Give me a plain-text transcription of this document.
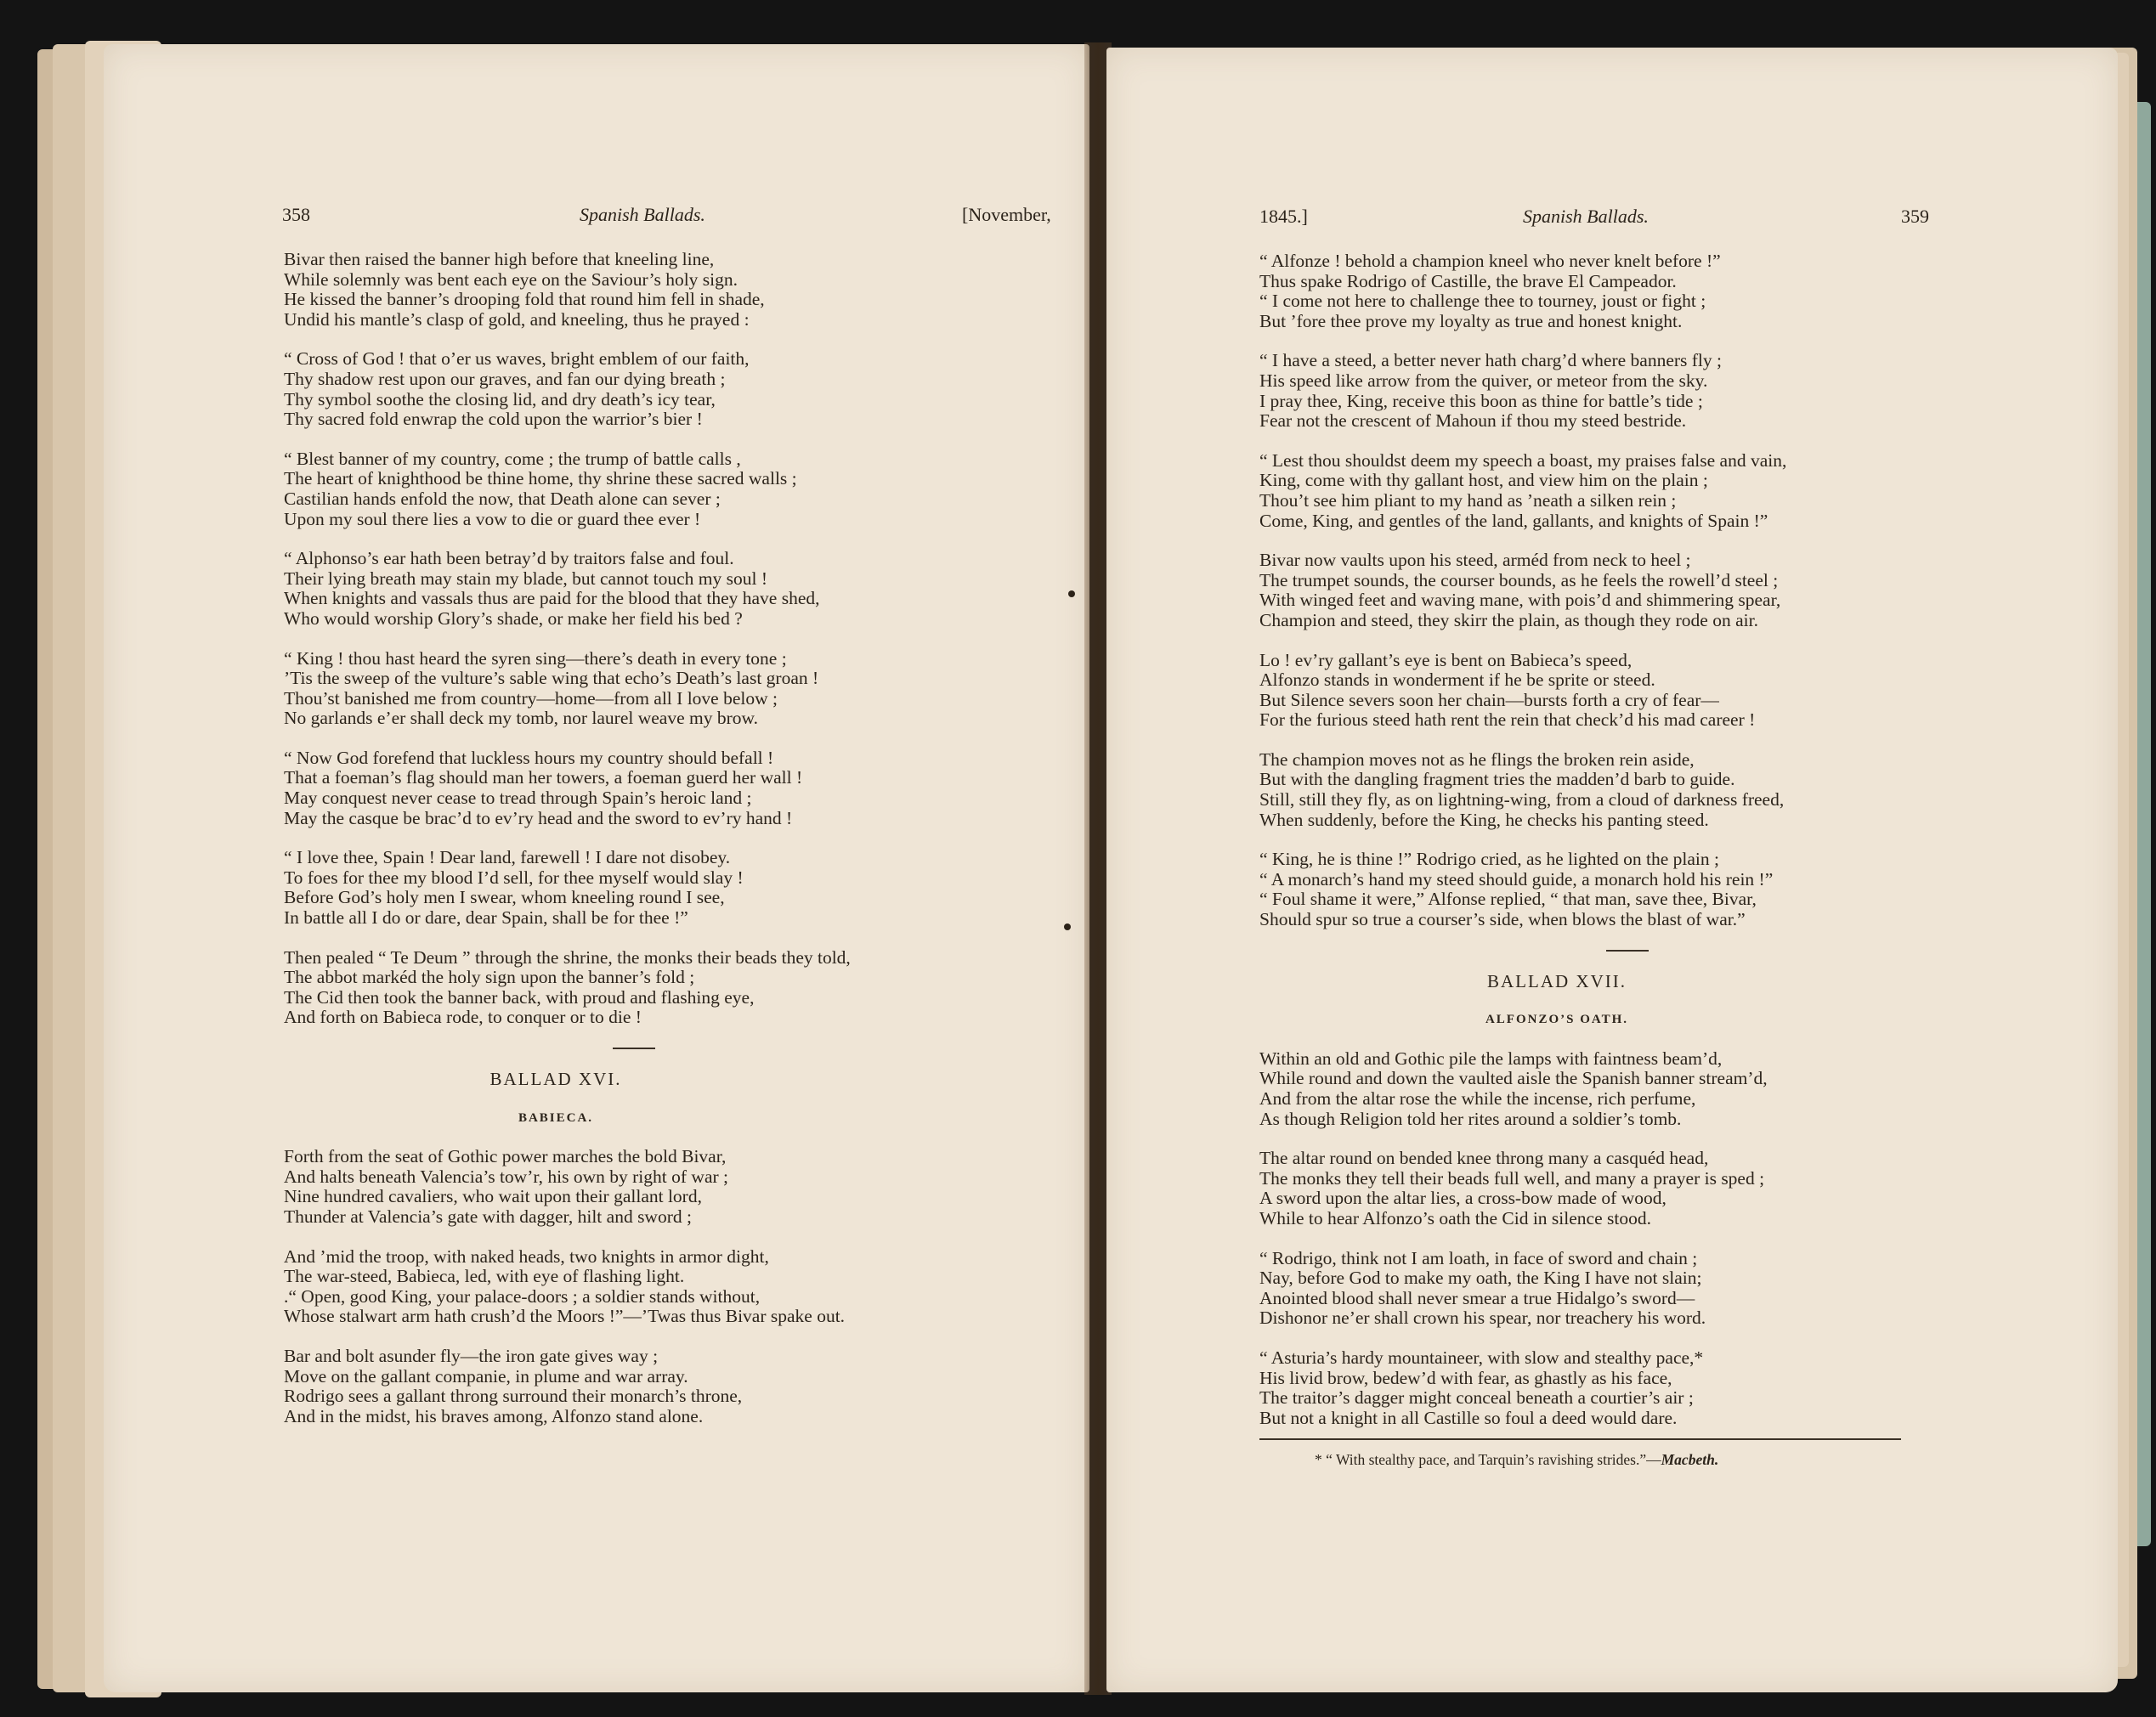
358	Spanish Ballads.	[November,
Bivar then raised the banner high before that kneeling line,
While solemnly was bent each eye on the Saviour’s holy sign.
He kissed the banner’s drooping fold that round him fell in shade,
Undid his mantle’s clasp of gold, and kneeling, thus he prayed :
“ Cross of God ! that o’er us waves, bright emblem of our faith,
Thy shadow rest upon our graves, and fan our dying breath ;
Thy symbol soothe the closing lid, and dry death’s icy tear,
Thy sacred fold enwrap the cold upon the warrior’s bier !
“ Blest banner of my country, come ; the trump of battle calls ,
The heart of knighthood be thine home, thy shrine these sacred walls ;
Castilian hands enfold the now, that Death alone can sever ;
Upon my soul there lies a vow to die or guard thee ever !
“ Alphonso’s ear hath been betray’d by traitors false and foul.
Their lying breath may stain my blade, but cannot touch my soul !
When knights and vassals thus are paid for the blood that they have shed,
Who would worship Glory’s shade, or make her field his bed ?
“ King ! thou hast heard the syren sing—there’s death in every tone ;
’Tis the sweep of the vulture’s sable wing that echo’s Death’s last groan !
Thou’st banished me from country—home—from all I love below ;
No garlands e’er shall deck my tomb, nor laurel weave my brow.
“ Now God forefend that luckless hours my country should befall !
That a foeman’s flag should man her towers, a foeman guerd her wall !
May conquest never cease to tread through Spain’s heroic land ;
May the casque be brac’d to ev’ry head and the sword to ev’ry hand !
“ I love thee, Spain ! Dear land, farewell ! I dare not disobey.
To foes for thee my blood I’d sell, for thee myself would slay !
Before God’s holy men I swear, whom kneeling round I see,
In battle all I do or dare, dear Spain, shall be for thee !”
Then pealed “ Te Deum ” through the shrine, the monks their beads they told,
The abbot markéd the holy sign upon the banner’s fold ;
The Cid then took the banner back, with proud and flashing eye,
And forth on Babieca rode, to conquer or to die !
BALLAD XVI.
BABIECA.
Forth from the seat of Gothic power marches the bold Bivar,
And halts beneath Valencia’s tow’r, his own by right of war ;
Nine hundred cavaliers, who wait upon their gallant lord,
Thunder at Valencia’s gate with dagger, hilt and sword ;
And ’mid the troop, with naked heads, two knights in armor dight,
The war-steed, Babieca, led, with eye of flashing light.
.“ Open, good King, your palace-doors ; a soldier stands without,
Whose stalwart arm hath crush’d the Moors !”—’Twas thus Bivar spake out.
Bar and bolt asunder fly—the iron gate gives way ;
Move on the gallant companie, in plume and war array.
Rodrigo sees a gallant throng surround their monarch’s throne,
And in the midst, his braves among, Alfonzo stand alone.
1845.]	Spanish Ballads.	359
“ Alfonze ! behold a champion kneel who never knelt before !”
Thus spake Rodrigo of Castille, the brave El Campeador.
“ I come not here to challenge thee to tourney, joust or fight ;
But ’fore thee prove my loyalty as true and honest knight.
“ I have a steed, a better never hath charg’d where banners fly ;
His speed like arrow from the quiver, or meteor from the sky.
I pray thee, King, receive this boon as thine for battle’s tide ;
Fear not the crescent of Mahoun if thou my steed bestride.
“ Lest thou shouldst deem my speech a boast, my praises false and vain,
King, come with thy gallant host, and view him on the plain ;
Thou’t see him pliant to my hand as ’neath a silken rein ;
Come, King, and gentles of the land, gallants, and knights of Spain !”
Bivar now vaults upon his steed, arméd from neck to heel ;
The trumpet sounds, the courser bounds, as he feels the rowell’d steel ;
With winged feet and waving mane, with pois’d and shimmering spear,
Champion and steed, they skirr the plain, as though they rode on air.
Lo ! ev’ry gallant’s eye is bent on Babieca’s speed,
Alfonzo stands in wonderment if he be sprite or steed.
But Silence severs soon her chain—bursts forth a cry of fear—
For the furious steed hath rent the rein that check’d his mad career !
The champion moves not as he flings the broken rein aside,
But with the dangling fragment tries the madden’d barb to guide.
Still, still they fly, as on lightning-wing, from a cloud of darkness freed,
When suddenly, before the King, he checks his panting steed.
“ King, he is thine !” Rodrigo cried, as he lighted on the plain ;
“ A monarch’s hand my steed should guide, a monarch hold his rein !”
“ Foul shame it were,” Alfonse replied, “ that man, save thee, Bivar,
Should spur so true a courser’s side, when blows the blast of war.”
BALLAD XVII.
ALFONZO’S OATH.
Within an old and Gothic pile the lamps with faintness beam’d,
While round and down the vaulted aisle the Spanish banner stream’d,
And from the altar rose the while the incense, rich perfume,
As though Religion told her rites around a soldier’s tomb.
The altar round on bended knee throng many a casquéd head,
The monks they tell their beads full well, and many a prayer is sped ;
A sword upon the altar lies, a cross-bow made of wood,
While to hear Alfonzo’s oath the Cid in silence stood.
“ Rodrigo, think not I am loath, in face of sword and chain ;
Nay, before God to make my oath, the King I have not slain;
Anointed blood shall never smear a true Hidalgo’s sword—
Dishonor ne’er shall crown his spear, nor treachery his word.
“ Asturia’s hardy mountaineer, with slow and stealthy pace,*
His livid brow, bedew’d with fear, as ghastly as his face,
The traitor’s dagger might conceal beneath a courtier’s air ;
But not a knight in all Castille so foul a deed would dare.
* “ With stealthy pace, and Tarquin’s ravishing strides.”—Macbeth.
